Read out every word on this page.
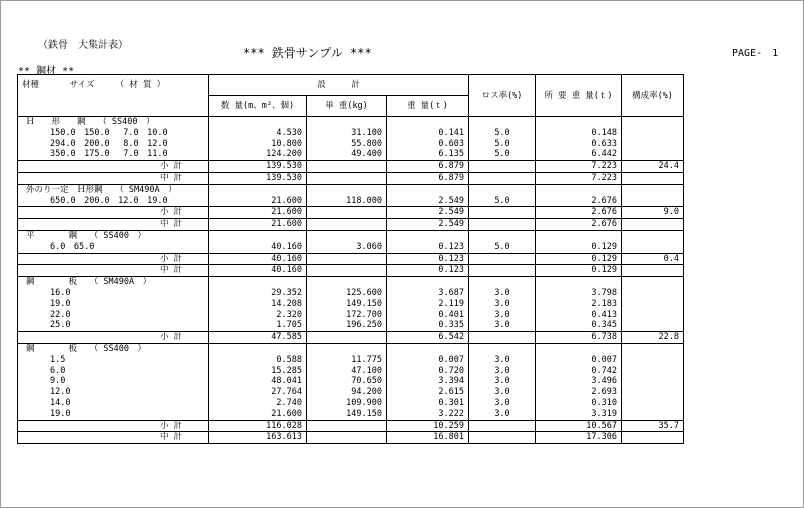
（鉄骨　大集計表）
*** 鉄骨サンプル ***	PAGE-　1
** 鋼材 **
材種　　　 サイズ　　　 （ 材 質 ）	設　　　計			ロス率(%)	所 要 重 量(ｔ)	構成率(%)
	数 量(m、m²、個)	単 重(kg)	重 量(ｔ)			
Ｈ　　形　　鋼　　（ SS400　）						
150.0　150.0　 7.0　10.0	4.530	31.100	0.141	5.0	0.148	
294.0　200.0　 8.0　12.0	10.800	55.800	0.603	5.0	0.633	
350.0　175.0　 7.0　11.0	124.200	49.400	6.135	5.0	6.442	
小 計	139.530		6.879		7.223	24.4
中 計	139.530		6.879		7.223	
外のり一定　Ｈ形鋼　　（ SM490A　）						
650.0　200.0　12.0　19.0	21.600	118.000	2.549	5.0	2.676	
小 計	21.600		2.549		2.676	9.0
中 計	21.600		2.549		2.676	
平　　　　鋼　　（ SS400　）						
6.0　65.0	40.160	3.060	0.123	5.0	0.129	
小 計	40.160		0.123		0.129	0.4
中 計	40.160		0.123		0.129	
鋼　　　　板　　（ SM490A　）						
16.0	29.352	125.600	3.687	3.0	3.798	
19.0	14.208	149.150	2.119	3.0	2.183	
22.0	2.320	172.700	0.401	3.0	0.413	
25.0	1.705	196.250	0.335	3.0	0.345	
小 計	47.585		6.542		6.738	22.8
鋼　　　　板　　（ SS400　）						
1.5	0.588	11.775	0.007	3.0	0.007	
6.0	15.285	47.100	0.720	3.0	0.742	
9.0	48.041	70.650	3.394	3.0	3.496	
12.0	27.764	94.200	2.615	3.0	2.693	
14.0	2.740	109.900	0.301	3.0	0.310	
19.0	21.600	149.150	3.222	3.0	3.319	
小 計	116.028		10.259		10.567	35.7
中 計	163.613		16.801		17.306	
